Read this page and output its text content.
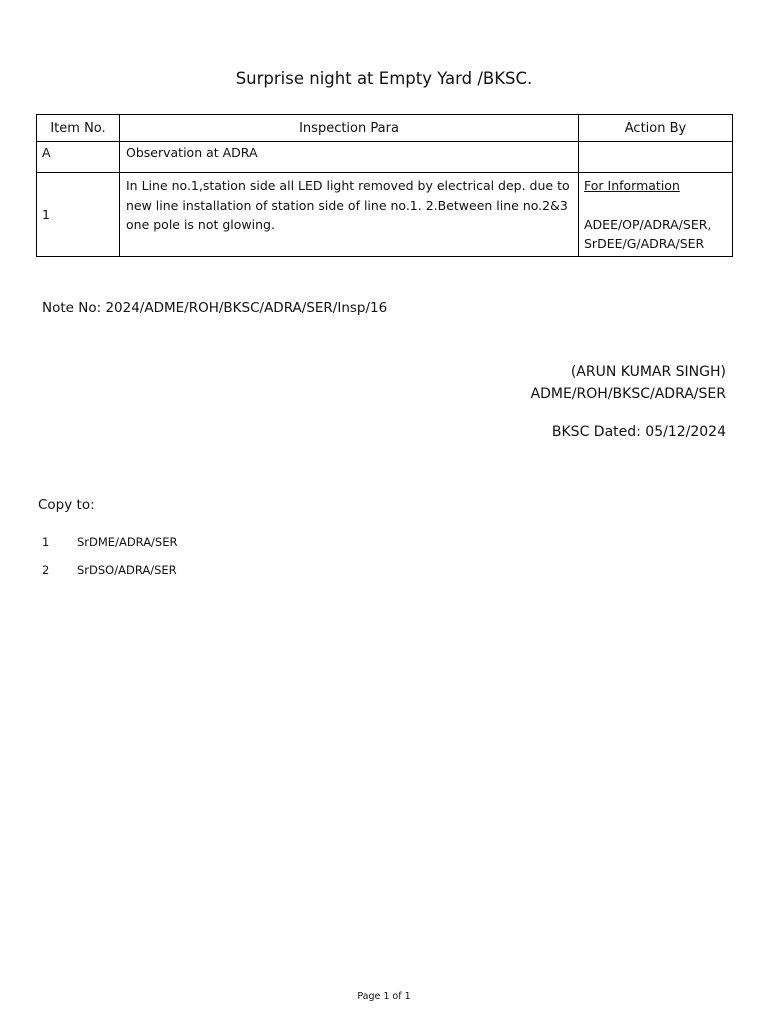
Surprise night at Empty Yard /BKSC.
Item No.	Inspection Para	Action By
A	Observation at ADRA	
1	In Line no.1,station side all LED light removed by electrical dep. due to new line installation of station side of line no.1. 2.Between line no.2&3 one pole is not glowing.	For Information
ADEE/OP/ADRA/SER, SrDEE/G/ADRA/SER
Note No: 2024/ADME/ROH/BKSC/ADRA/SER/Insp/16
(ARUN KUMAR SINGH)
ADME/ROH/BKSC/ADRA/SER
BKSC Dated: 05/12/2024
Copy to:
1 SrDME/ADRA/SER
2 SrDSO/ADRA/SER
Page 1 of 1
